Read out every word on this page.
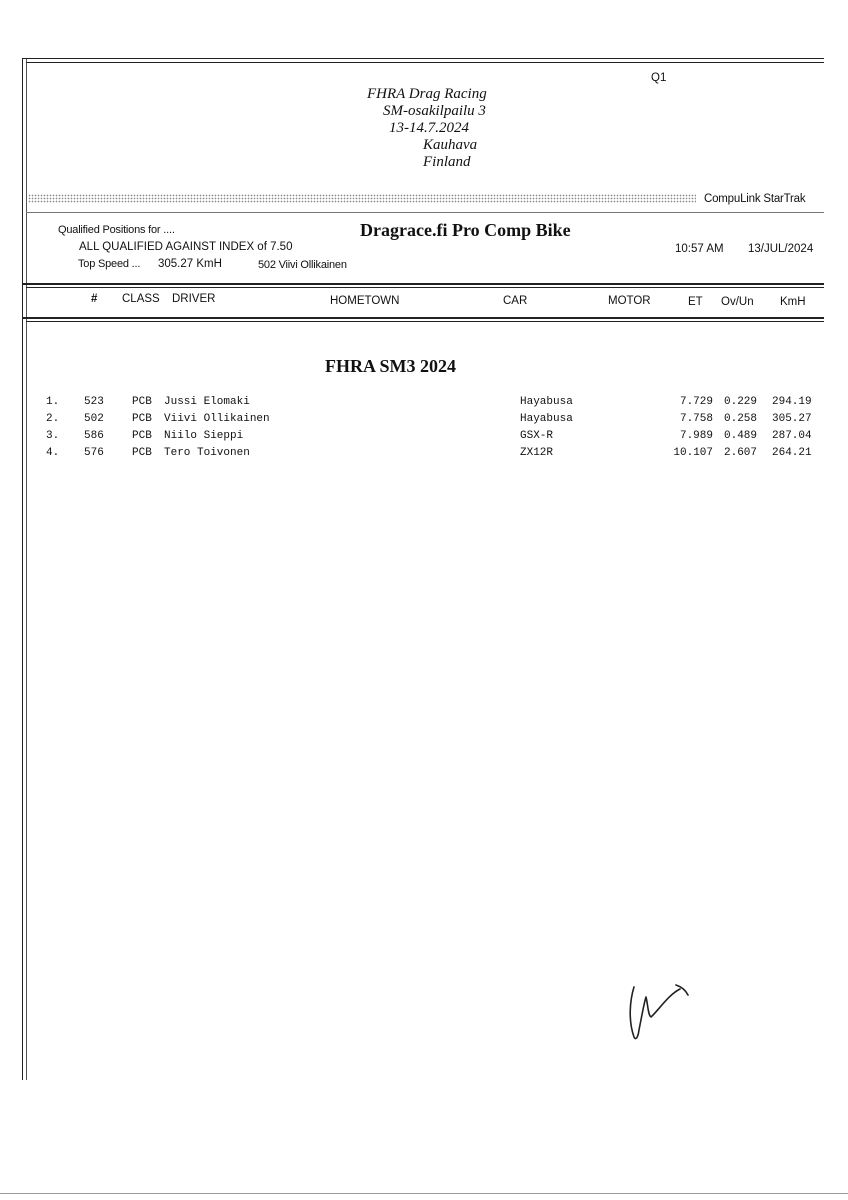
Q1
FHRA Drag Racing
SM-osakilpailu 3
13-14.7.2024
Kauhava
Finland
CompuLink StarTrak
Qualified Positions for ....	Dragrace.fi Pro Comp Bike
ALL QUALIFIED AGAINST INDEX of 7.50	10:57 AM 13/JUL/2024
Top Speed ... 305.27 KmH	502 Viivi Ollikainen
# CLASS DRIVER	HOMETOWN	CAR	MOTOR	ET Ov/Un KmH
FHRA SM3 2024
1. 523	PCB Jussi Elomaki	Hayabusa	7.729 0.229 294.19
2. 502	PCB Viivi Ollikainen	Hayabusa	7.758 0.258 305.27
3. 586	PCB Niilo Sieppi	GSX-R	7.989 0.489 287.04
4. 576	PCB Tero Toivonen	ZX12R	10.107 2.607 264.21
